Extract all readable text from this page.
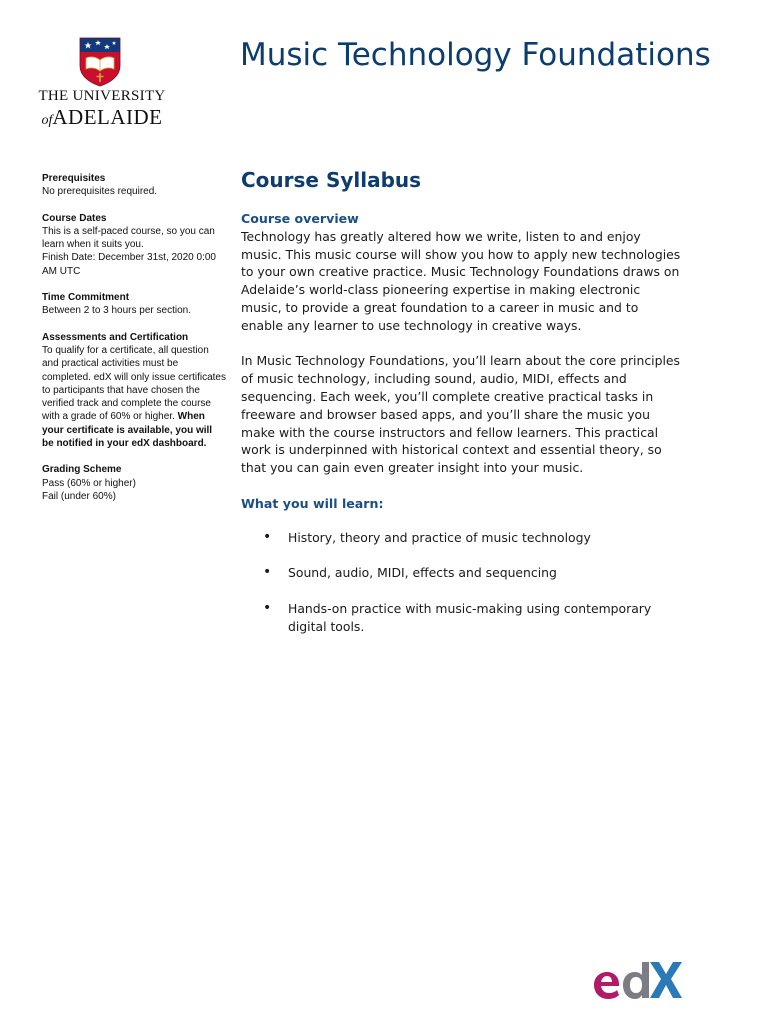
THE UNIVERSITY
ofADELAIDE
Music Technology Foundations
Prerequisites
No prerequisites required.
Course Dates
This is a self-paced course, so you can learn when it suits you.
Finish Date: December 31st, 2020 0:00 AM UTC
Time Commitment
Between 2 to 3 hours per section.
Assessments and Certification
To qualify for a certificate, all question and practical activities must be completed. edX will only issue certificates to participants that have chosen the verified track and complete the course with a grade of 60% or higher. When your certificate is available, you will be notified in your edX dashboard.
Grading Scheme
Pass (60% or higher)
Fail (under 60%)
Course Syllabus
Course overview

Technology has greatly altered how we write, listen to and enjoy music. This music course will show you how to apply new technologies to your own creative practice. Music Technology Foundations draws on Adelaide’s world-class pioneering expertise in making electronic music, to provide a great foundation to a career in music and to enable any learner to use technology in creative ways.

In Music Technology Foundations, you’ll learn about the core principles of music technology, including sound, audio, MIDI, effects and sequencing. Each week, you’ll complete creative practical tasks in freeware and browser based apps, and you’ll share the music you make with the course instructors and fellow learners. This practical work is underpinned with historical context and essential theory, so that you can gain even greater insight into your music.

What you will learn:
• History, theory and practice of music technology
• Sound, audio, MIDI, effects and sequencing
• Hands-on practice with music-making using contemporary digital tools.
